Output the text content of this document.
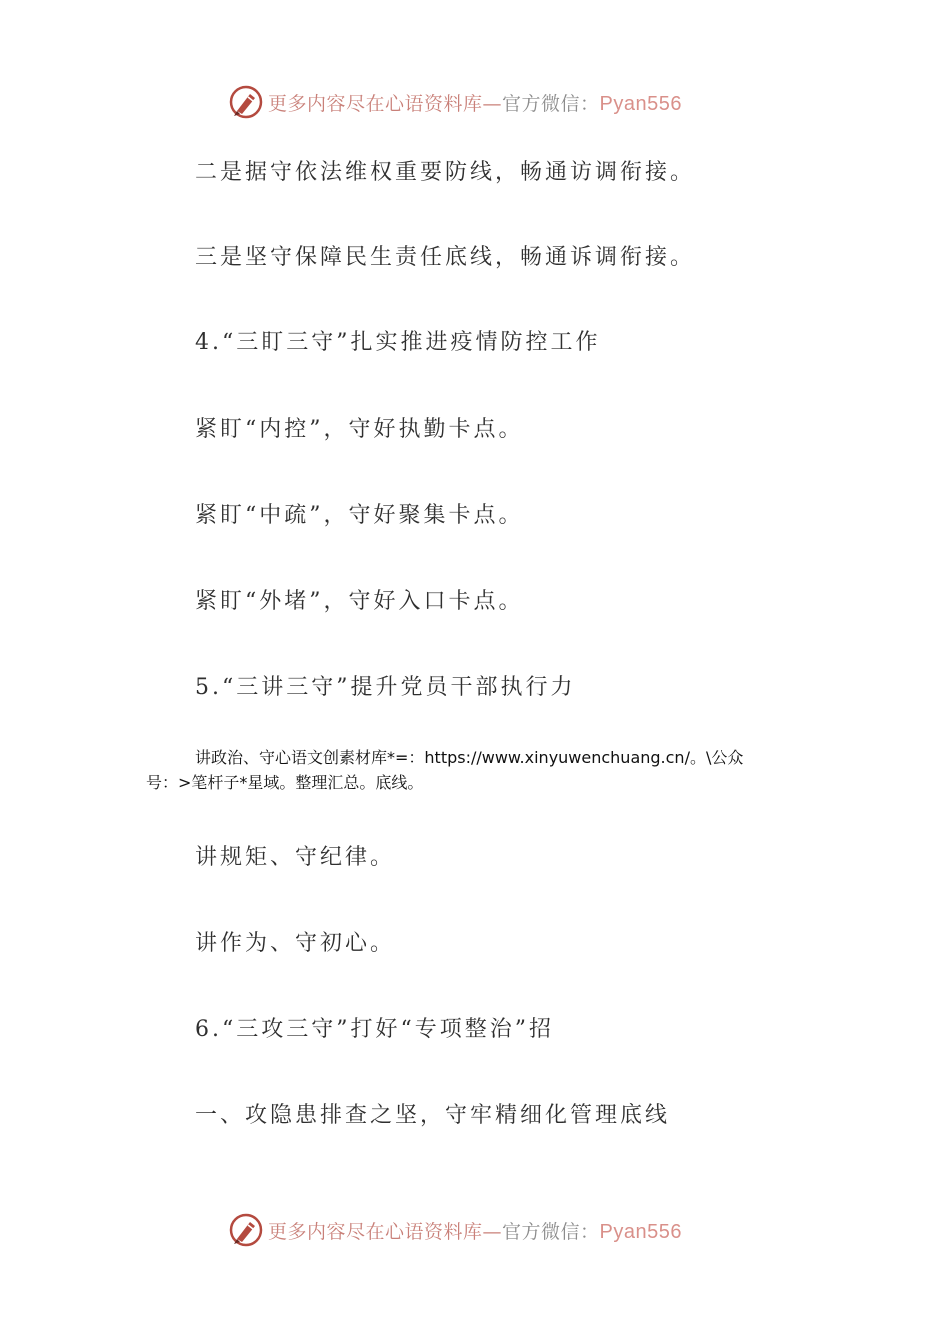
更多内容尽在心语资料库—官方微信：Pyan556
二是据守依法维权重要防线，畅通访调衔接。
三是坚守保障民生责任底线，畅通诉调衔接。
4.“三盯三守”扎实推进疫情防控工作
紧盯“内控”，守好执勤卡点。
紧盯“中疏”，守好聚集卡点。
紧盯“外堵”，守好入口卡点。
5.“三讲三守”提升党员干部执行力
讲政治、守心语文创素材库*=：https://www.xinyuwenchuang.cn/。\公众
号：>笔杆子*星域。整理汇总。底线。
讲规矩、守纪律。
讲作为、守初心。
6.“三攻三守”打好“专项整治”招
一、攻隐患排查之坚，守牢精细化管理底线
更多内容尽在心语资料库—官方微信：Pyan556
